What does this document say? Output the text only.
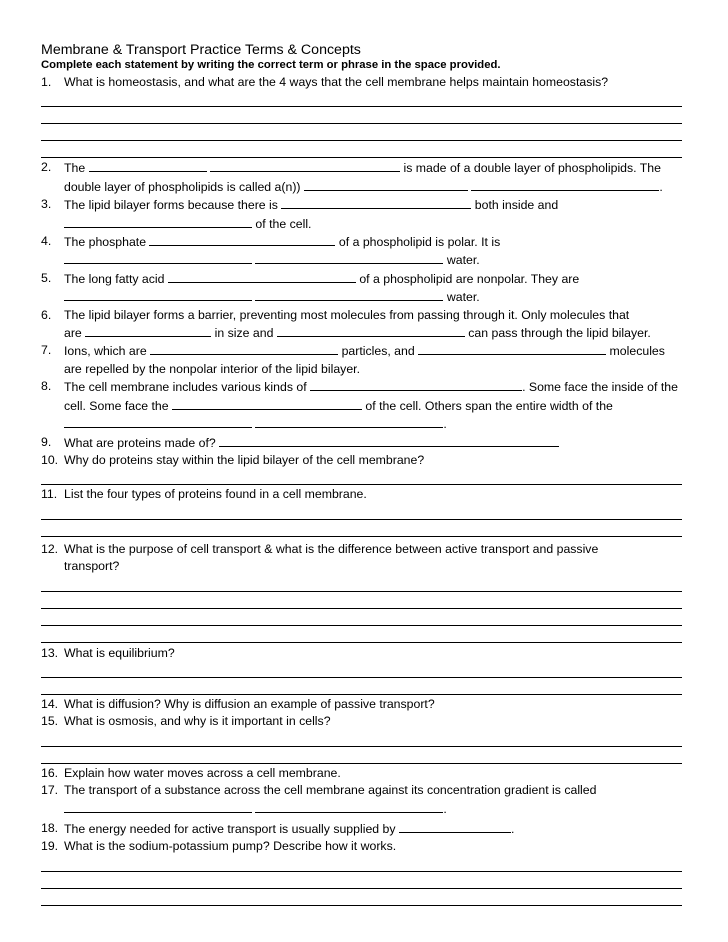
Membrane & Transport Practice Terms & Concepts
Complete each statement by writing the correct term or phrase in the space provided.
1.	What is homeostasis, and what are the 4 ways that the cell membrane helps maintain homeostasis?
2.	The	is made of a double layer of phospholipids. The
double layer of phospholipids is called a(n))	.
3.	The lipid bilayer forms because there is	both inside and
of the cell.
4.	The phosphate	of a phospholipid is polar. It is
water.
5.	The long fatty acid	of a phospholipid are nonpolar. They are
water.
6.	The lipid bilayer forms a barrier, preventing most molecules from passing through it. Only molecules that
are	in size and	can pass through the lipid bilayer.
7.	Ions, which are	particles, and	molecules
are repelled by the nonpolar interior of the lipid bilayer.
8.	The cell membrane includes various kinds of	. Some face the inside of the
cell. Some face the	of the cell. Others span the entire width of the
.
9.	What are proteins made of?
10. Why do proteins stay within the lipid bilayer of the cell membrane?
11. List the four types of proteins found in a cell membrane.
12. What is the purpose of cell transport & what is the difference between active transport and passive
transport?
13. What is equilibrium?
14. What is diffusion? Why is diffusion an example of passive transport?
15. What is osmosis, and why is it important in cells?
16. Explain how water moves across a cell membrane.
17. The transport of a substance across the cell membrane against its concentration gradient is called
.
18. The energy needed for active transport is usually supplied by	.
19. What is the sodium-potassium pump? Describe how it works.
